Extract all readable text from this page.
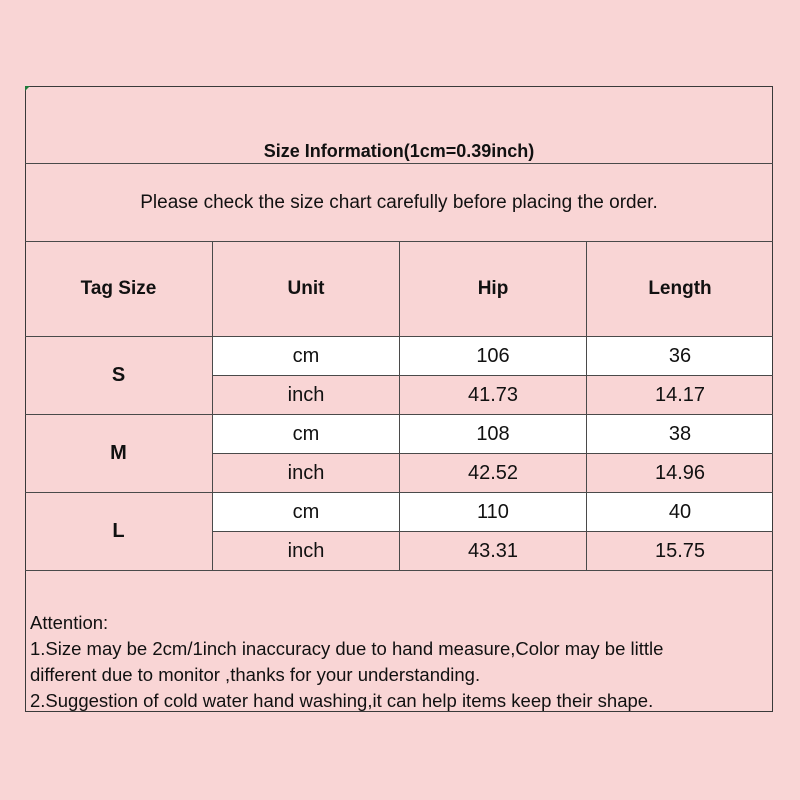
Size Information(1cm=0.39inch)
Please check the size chart carefully before placing the order.
Tag Size	Unit	Hip	Length
S
cm	106	36
inch	41.73	14.17
M
cm	108	38
inch	42.52	14.96
L
cm	110	40
inch	43.31	15.75
Attention:
1.Size may be 2cm/1inch inaccuracy due to hand measure,Color may be little
different due to monitor ,thanks for your understanding.
2.Suggestion of cold water hand washing,it can help items keep their shape.
